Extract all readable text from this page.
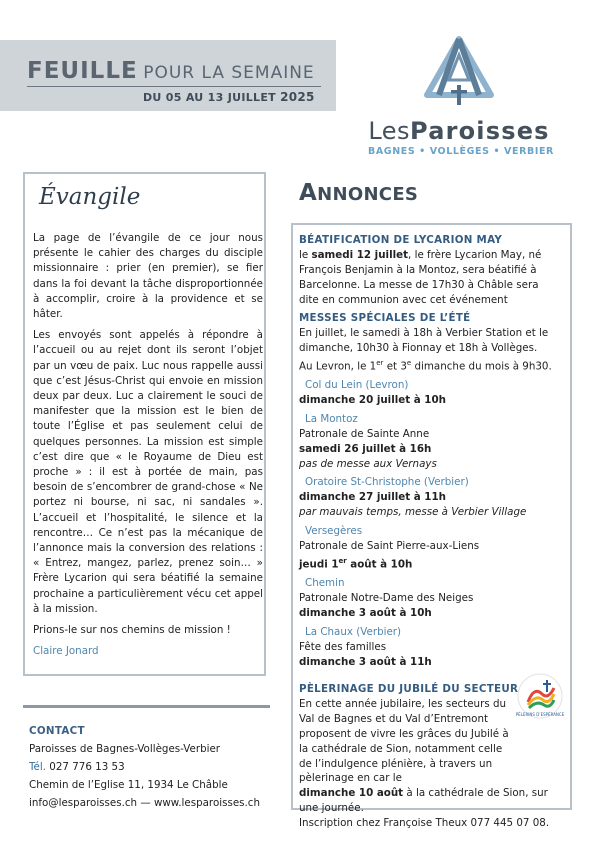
FEUILLE POUR LA SEMAINE
DU 05 AU 13 JUILLET 2025
LesParoisses
BAGNES • VOLLÈGES • VERBIER
Évangile

La page de l’évangile de ce jour nous présente le cahier des charges du disciple missionnaire : prier (en premier), se fier dans la foi devant la tâche disproportionnée à accomplir, croire à la providence et se hâter.

Les envoyés sont appelés à répondre à l’accueil ou au rejet dont ils seront l’objet par un vœu de paix. Luc nous rappelle aussi que c’est Jésus-Christ qui envoie en mission deux par deux. Luc a clairement le souci de manifester que la mission est le bien de toute l’Église et pas seulement celui de quelques personnes. La mission est simple c’est dire que « le Royaume de Dieu est proche » : il est à portée de main, pas besoin de s’encombrer de grand-chose « Ne portez ni bourse, ni sac, ni sandales ». L’accueil et l’hospitalité, le silence et la rencontre… Ce n’est pas la mécanique de l’annonce mais la conversion des relations : « Entrez, mangez, parlez, prenez soin… » Frère Lycarion qui sera béatifié la semaine prochaine a particulièrement vécu cet appel à la mission.

Prions-le sur nos chemins de mission !

Claire Jonard

CONTACT
Paroisses de Bagnes-Vollèges-Verbier
Tél. 027 776 13 53
Chemin de l’Eglise 11, 1934 Le Châble
info@lesparoisses.ch — www.lesparoisses.ch
ANNONCES

BÉATIFICATION DE LYCARION MAY

le samedi 12 juillet, le frère Lycarion May, né François Benjamin à la Montoz, sera béatifié à Barcelonne. La messe de 17h30 à Châble sera dite en communion avec cet événement

MESSES SPÉCIALES DE L’ÉTÉ

En juillet, le samedi à 18h à Verbier Station et le dimanche, 10h30 à Fionnay et 18h à Vollèges.

Au Levron, le 1er et 3e dimanche du mois à 9h30.

Col du Lein (Levron)

dimanche 20 juillet à 10h

La Montoz

Patronale de Sainte Anne

samedi 26 juillet à 16h

pas de messe aux Vernays

Oratoire St-Christophe (Verbier)

dimanche 27 juillet à 11h

par mauvais temps, messe à Verbier Village

Versegères

Patronale de Saint Pierre-aux-Liens

jeudi 1er août à 10h

Chemin

Patronale Notre-Dame des Neiges

dimanche 3 août à 10h

La Chaux (Verbier)

Fête des familles

dimanche 3 août à 11h

PÈLERINAGE DU JUBILÉ DU SECTEUR

En cette année jubilaire, les secteurs du Val de Bagnes et du Val d’Entremont proposent de vivre les grâces du Jubilé à la cathédrale de Sion, notamment celle de l’indulgence plénière, à travers un pèlerinage en car le

dimanche 10 août à la cathédrale de Sion, sur une journée.

Inscription chez Françoise Theux 077 445 07 08.

PÈLERINS D’ESPÉRANCE
